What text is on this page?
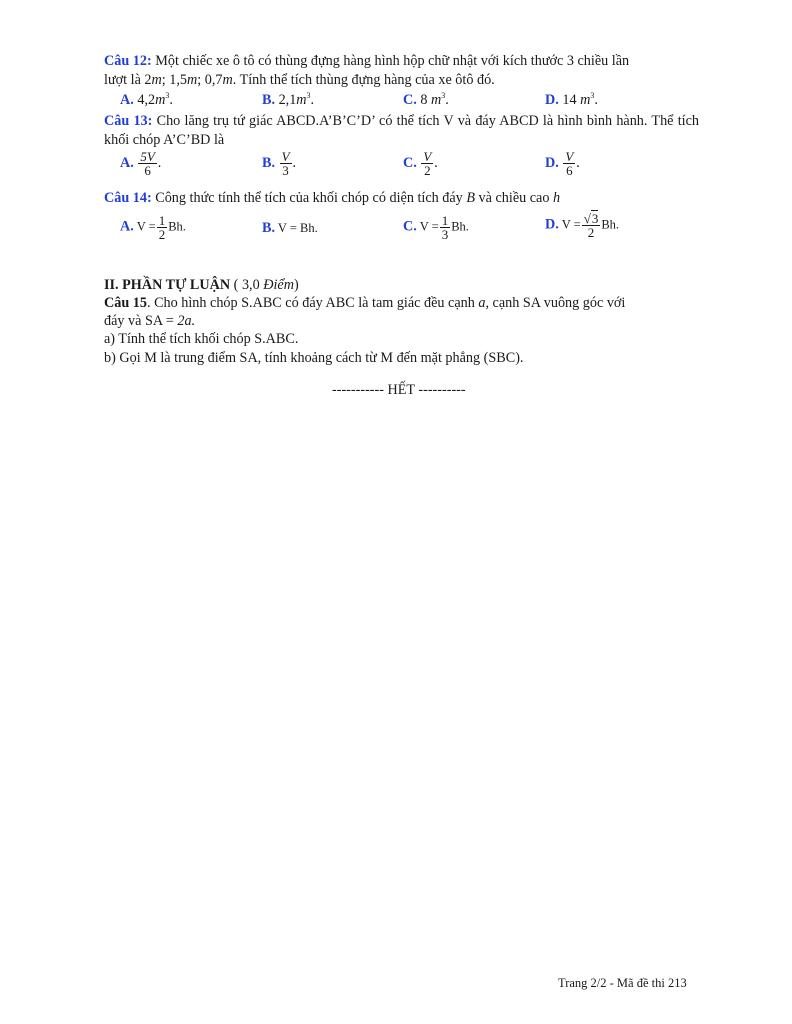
Câu 12: Một chiếc xe ô tô có thùng đựng hàng hình hộp chữ nhật với kích thước 3 chiều lần
lượt là 2m; 1,5m; 0,7m. Tính thể tích thùng đựng hàng của xe ôtô đó.
A. $4,2m^3$.	B. $2,1m^3$.	C. 8 $m^3$.	D. 14 $m^3$.
Câu 13: Cho lăng trụ tứ giác ABCD.A’B’C’D’ có thể tích V và đáy ABCD là hình bình hành. Thể tích khối chóp A’C’BD là
A. $\frac{5V}{6}$ .	B. $\frac{V}{3}$ .	C. $\frac{V}{2}$ .	D. $\frac{V}{6}$ .
Câu 14: Công thức tính thể tích của khối chóp có diện tích đáy B và chiều cao h
A. $V = \frac{1}{2} Bh$.	B. V = Bh.	C. $V = \frac{1}{3} Bh$.	D. $V = \frac{√3}{2} Bh$.
II. PHẦN TỰ LUẬN ( 3,0 Điểm)
Câu 15. Cho hình chóp S.ABC có đáy ABC là tam giác đều cạnh a, cạnh SA vuông góc với
đáy và SA = 2a.
a) Tính thể tích khối chóp S.ABC.
b) Gọi M là trung điểm SA, tính khoảng cách từ M đến mặt phẳng (SBC).
----------- HẾT ----------
Trang 2/2 - Mã đề thi 213
